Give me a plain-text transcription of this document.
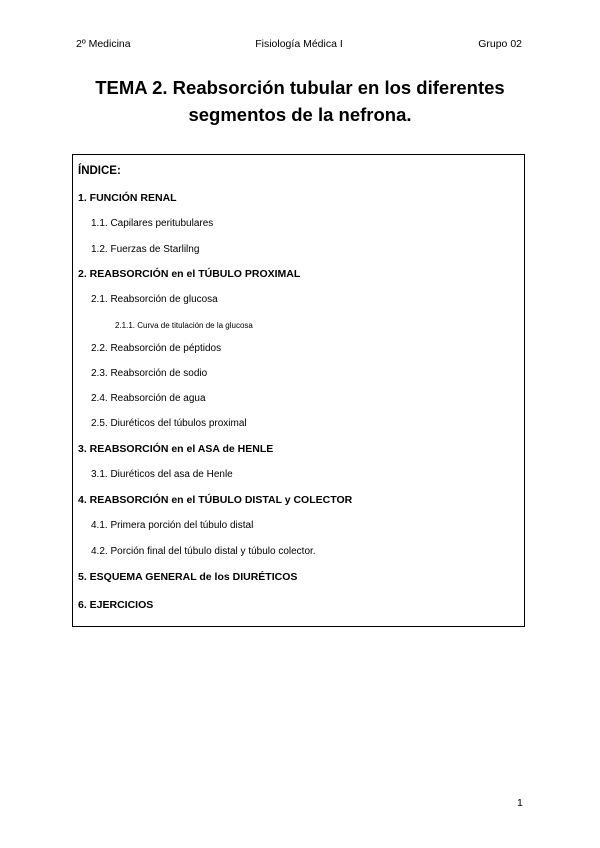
2º Medicina	Fisiología Médica I	Grupo 02
TEMA 2. Reabsorción tubular en los diferentes
segmentos de la nefrona.
ÍNDICE:
1. FUNCIÓN RENAL
1.1. Capilares peritubulares
1.2. Fuerzas de Starlilng
2. REABSORCIÓN en el TÚBULO PROXIMAL
2.1. Reabsorción de glucosa
2.1.1. Curva de titulación de la glucosa
2.2. Reabsorción de péptidos
2.3. Reabsorción de sodio
2.4. Reabsorción de agua
2.5. Diuréticos del túbulos proximal
3. REABSORCIÓN en el ASA de HENLE
3.1. Diuréticos del asa de Henle
4. REABSORCIÓN en el TÚBULO DISTAL y COLECTOR
4.1. Primera porción del túbulo distal
4.2. Porción final del túbulo distal y túbulo colector.
5. ESQUEMA GENERAL de los DIURÉTICOS
6. EJERCICIOS
1
